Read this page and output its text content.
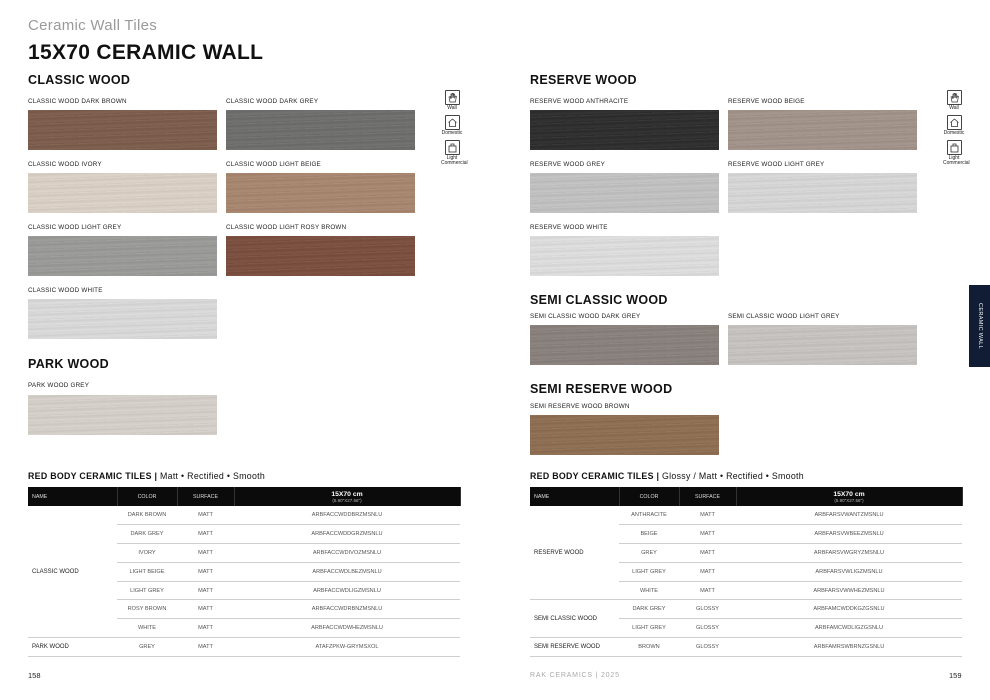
Ceramic Wall Tiles
15X70 CERAMIC WALL
CLASSIC WOOD
CLASSIC WOOD DARK BROWN	CLASSIC WOOD DARK GREY
CLASSIC WOOD IVORY	CLASSIC WOOD LIGHT BEIGE
CLASSIC WOOD LIGHT GREY	CLASSIC WOOD LIGHT ROSY BROWN
CLASSIC WOOD WHITE
PARK WOOD
PARK WOOD GREY
Wall
Domestic
Light Commercial
RED BODY CERAMIC TILES | Matt • Rectified • Smooth
NAME	COLOR	SURFACE	15X70 cm
(5.90"X27.56")

CLASSIC WOOD	DARK BROWN	MATT	ARBFACCWDDBRZMSNLU
	DARK GREY	MATT	ARBFACCWDDGRZMSNLU
	IVORY	MATT	ARBFACCWDIVOZMSNLU
	LIGHT BEIGE	MATT	ARBFACCWDLBEZMSNLU
	LIGHT GREY	MATT	ARBFACCWDLIGZMSNLU
	ROSY BROWN	MATT	ARBFACCWDRBNZMSNLU
	WHITE	MATT	ARBFACCWDWHEZMSNLU
PARK WOOD	GREY	MATT	ATAFZPKW-GRYMSXOL
158
RESERVE WOOD
RESERVE WOOD ANTHRACITE	RESERVE WOOD BEIGE
RESERVE WOOD GREY	RESERVE WOOD LIGHT GREY
RESERVE WOOD WHITE
SEMI CLASSIC WOOD
SEMI CLASSIC WOOD DARK GREY	SEMI CLASSIC WOOD LIGHT GREY
SEMI RESERVE WOOD
SEMI RESERVE WOOD BROWN
Wall
Domestic
Light Commercial
RED BODY CERAMIC TILES | Glossy / Matt • Rectified • Smooth
NAME	COLOR	SURFACE	15X70 cm
(5.90"X27.56")

RESERVE WOOD	ANTHRACITE	MATT	ARBFARSVWANTZMSNLU
	BEIGE	MATT	ARBFARSVWBEEZMSNLU
	GREY	MATT	ARBFARSVWGRYZMSNLU
	LIGHT GREY	MATT	ARBFARSVWLIGZMSNLU
	WHITE	MATT	ARBFARSVWWHEZMSNLU
SEMI CLASSIC WOOD	DARK GREY	GLOSSY	ARBFAMCWDDKGZGSNLU
	LIGHT GREY	GLOSSY	ARBFAMCWDLIGZGSNLU
SEMI RESERVE WOOD	BROWN	GLOSSY	ARBFAMRSWBRNZGSNLU
RAK CERAMICS | 2025	159
CERAMIC WALL
